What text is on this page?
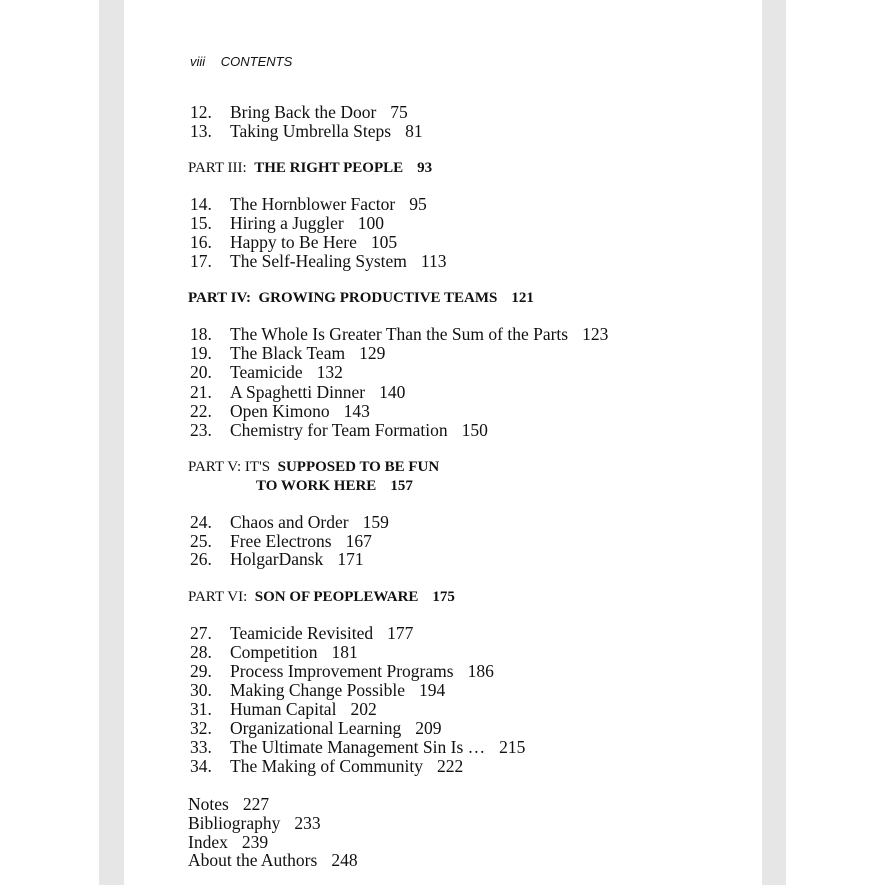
viii CONTENTS
12. Bring Back the Door 75
13. Taking Umbrella Steps 81
PART III: THE RIGHT PEOPLE 93
14. The Hornblower Factor 95
15. Hiring a Juggler 100
16. Happy to Be Here 105
17. The Self-Healing System 113
PART IV: GROWING PRODUCTIVE TEAMS 121
18. The Whole Is Greater Than the Sum of the Parts 123
19. The Black Team 129
20. Teamicide 132
21. A Spaghetti Dinner 140
22. Open Kimono 143
23. Chemistry for Team Formation 150
PART V: IT'S SUPPOSED TO BE FUN
TO WORK HERE 157
24. Chaos and Order 159
25. Free Electrons 167
26. HolgarDansk 171
PART VI: SON OF PEOPLEWARE 175
27. Teamicide Revisited 177
28. Competition 181
29. Process Improvement Programs 186
30. Making Change Possible 194
31. Human Capital 202
32. Organizational Learning 209
33. The Ultimate Management Sin Is … 215
34. The Making of Community 222
Notes 227
Bibliography 233
Index 239
About the Authors 248
